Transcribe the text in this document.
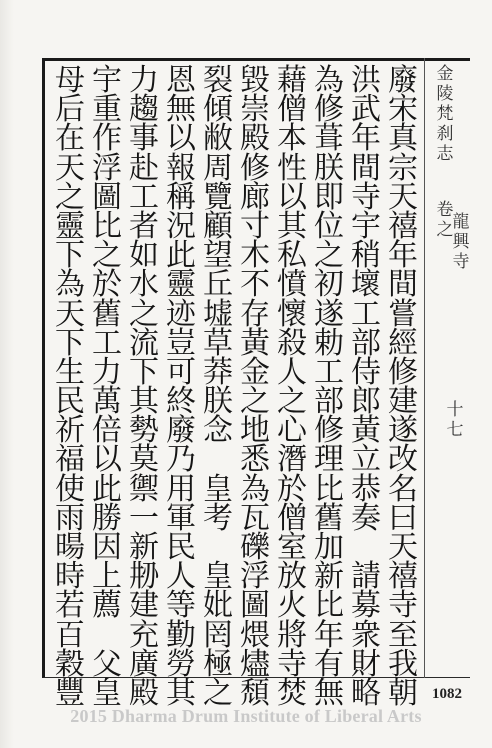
金
陵
梵
刹
志
卷
之 龍
興
寺
十
七
廢
宋
真
宗
天
禧
年
間
嘗
經
修
建
遂
改
名
曰
天
禧
寺
至
我
朝
洪
武
年
間
寺
宇
稍
壞
工
部
侍
郎
黃
立
恭
奏

請
募
衆
財
略
為
修
葺
朕
即
位
之
初
遂
勅
工
部
修
理
比
舊
加
新
比
年
有
無
藉
僧
本
性
以
其
私
憤
懷
殺
人
之
心
潛
於
僧
室
放
火
將
寺
焚
毀
崇
殿
修
廊
寸
木
不
存
黃
金
之
地
悉
為
瓦
礫
浮
圖
煨
燼
頹
裂
傾
敝
周
覽
顧
望
丘
墟
草
莽
朕
念

皇
考

皇
妣
罔
極
之
恩
無
以
報
稱
況
此
靈
迹
豈
可
終
廢
乃
用
軍
民
人
等
勤
勞
其
力
趨
事
赴
工
者
如
水
之
流
下
其
勢
莫
禦
一
新
刱
建
充
廣
殿
宇
重
作
浮
圖
比
之
於
舊
工
力
萬
倍
以
此
勝
因
上
薦

父
皇
母
后
在
天
之
靈
下
為
天
下
生
民
祈
福
使
雨
暘
時
若
百
穀
豐	1082
2015 Dharma Drum Institute of Liberal Arts
